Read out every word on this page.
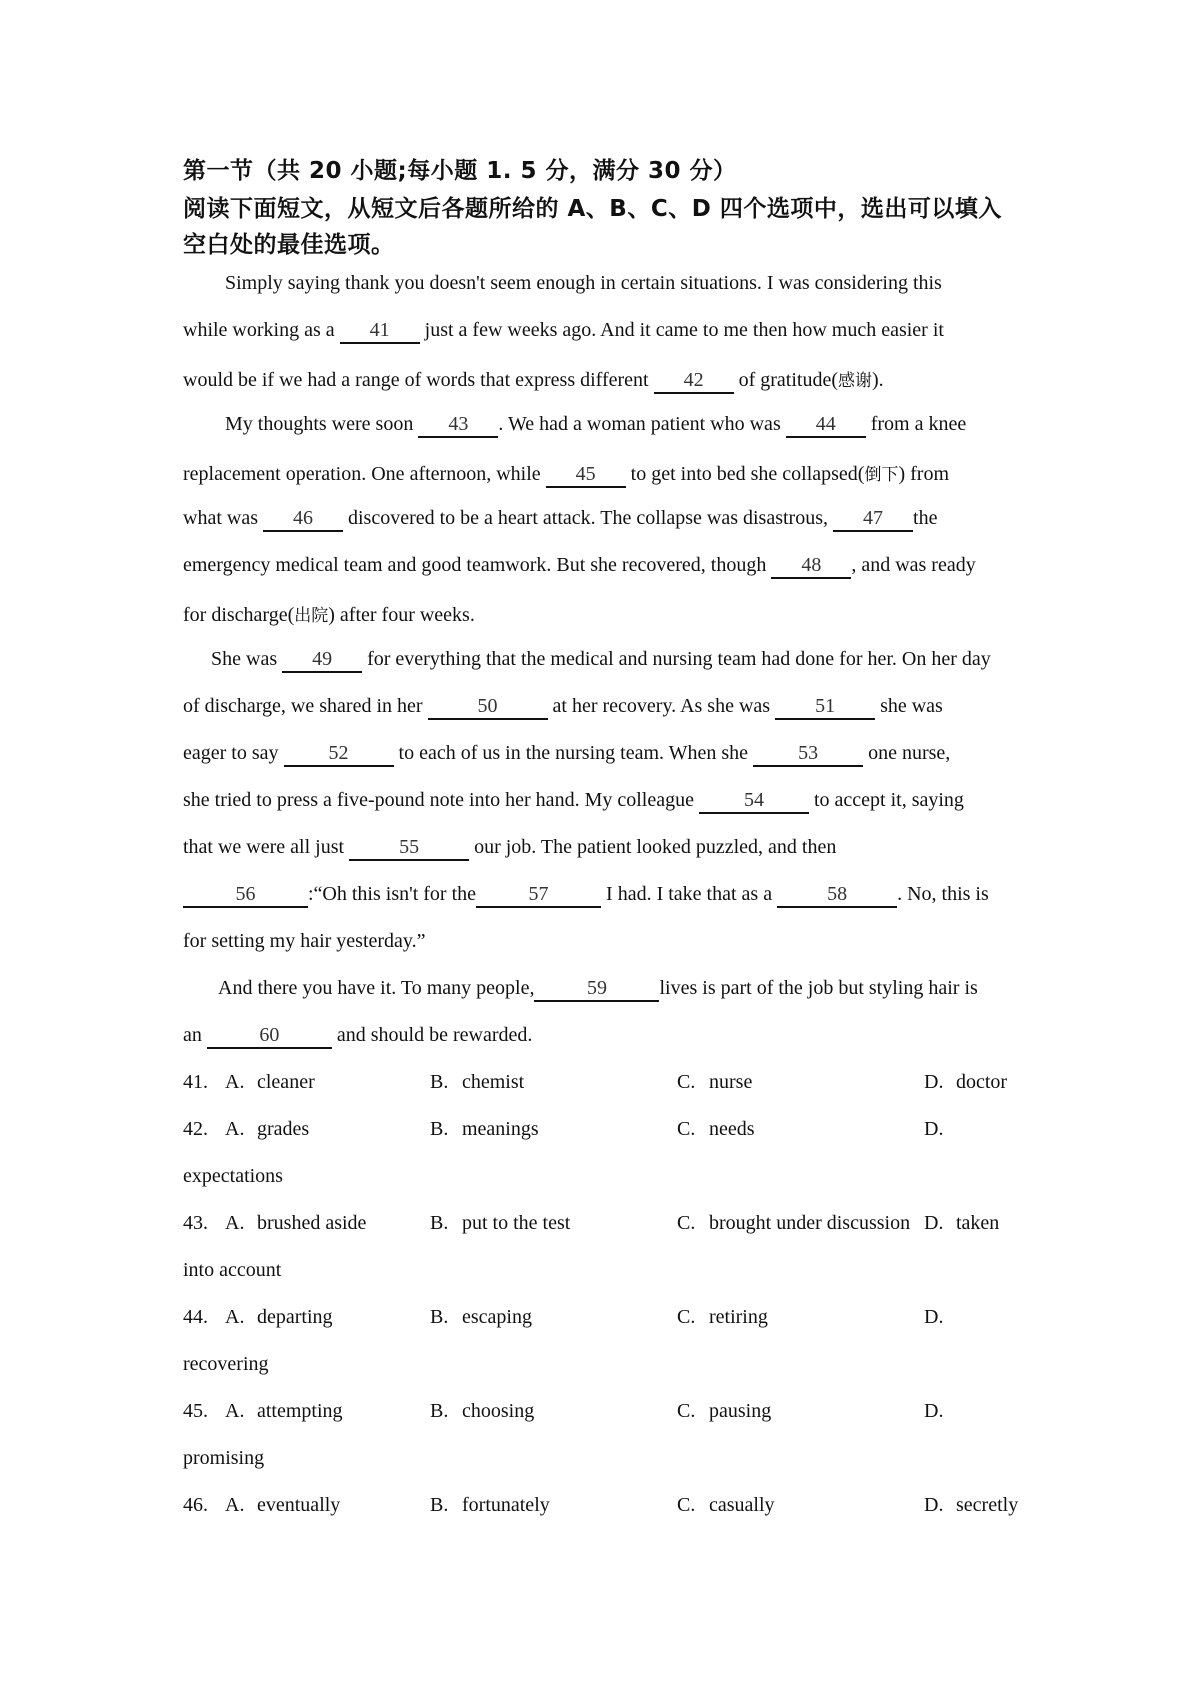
第一节（共 20 小题;每小题 1. 5 分，满分 30 分）
阅读下面短文，从短文后各题所给的 A、B、C、D 四个选项中，选出可以填入
空白处的最佳选项。
Simply saying thank you doesn't seem enough in certain situations. I was considering this
while working as a 41 just a few weeks ago. And it came to me then how much easier it
would be if we had a range of words that express different 42 of gratitude(感谢).
My thoughts were soon 43 . We had a woman patient who was 44 from a knee
replacement operation. One afternoon, while 45 to get into bed she collapsed(倒下) from
what was 46 discovered to be a heart attack. The collapse was disastrous, 47 the
emergency medical team and good teamwork. But she recovered, though 48 , and was ready
for discharge(出院) after four weeks.
She was 49 for everything that the medical and nursing team had done for her. On her day
of discharge, we shared in her	50	at her recovery. As she was 51 she was
eager to say	52	to each of us in the nursing team. When she	53	one nurse,
she tried to press a five-pound note into her hand. My colleague	54	to accept it, saying
that we were all just	55	our job. The patient looked puzzled, and then
56	:“Oh this isn't for the	57	I had. I take that as a	58	. No, this is
for setting my hair yesterday.”
And there you have it. To many people,	59	lives is part of the job but styling hair is
an	60	and should be rewarded.
41. A. cleaner	B. chemist	C. nurse	D. doctor
42. A. grades	B. meanings	C. needs	D.
expectations
43. A. brushed aside	B. put to the test	C. brought under discussion D. taken
into account
44. A. departing	B. escaping	C. retiring	D.
recovering
45. A. attempting	B. choosing	C. pausing	D.
promising
46. A. eventually	B. fortunately	C. casually	D. secretly
